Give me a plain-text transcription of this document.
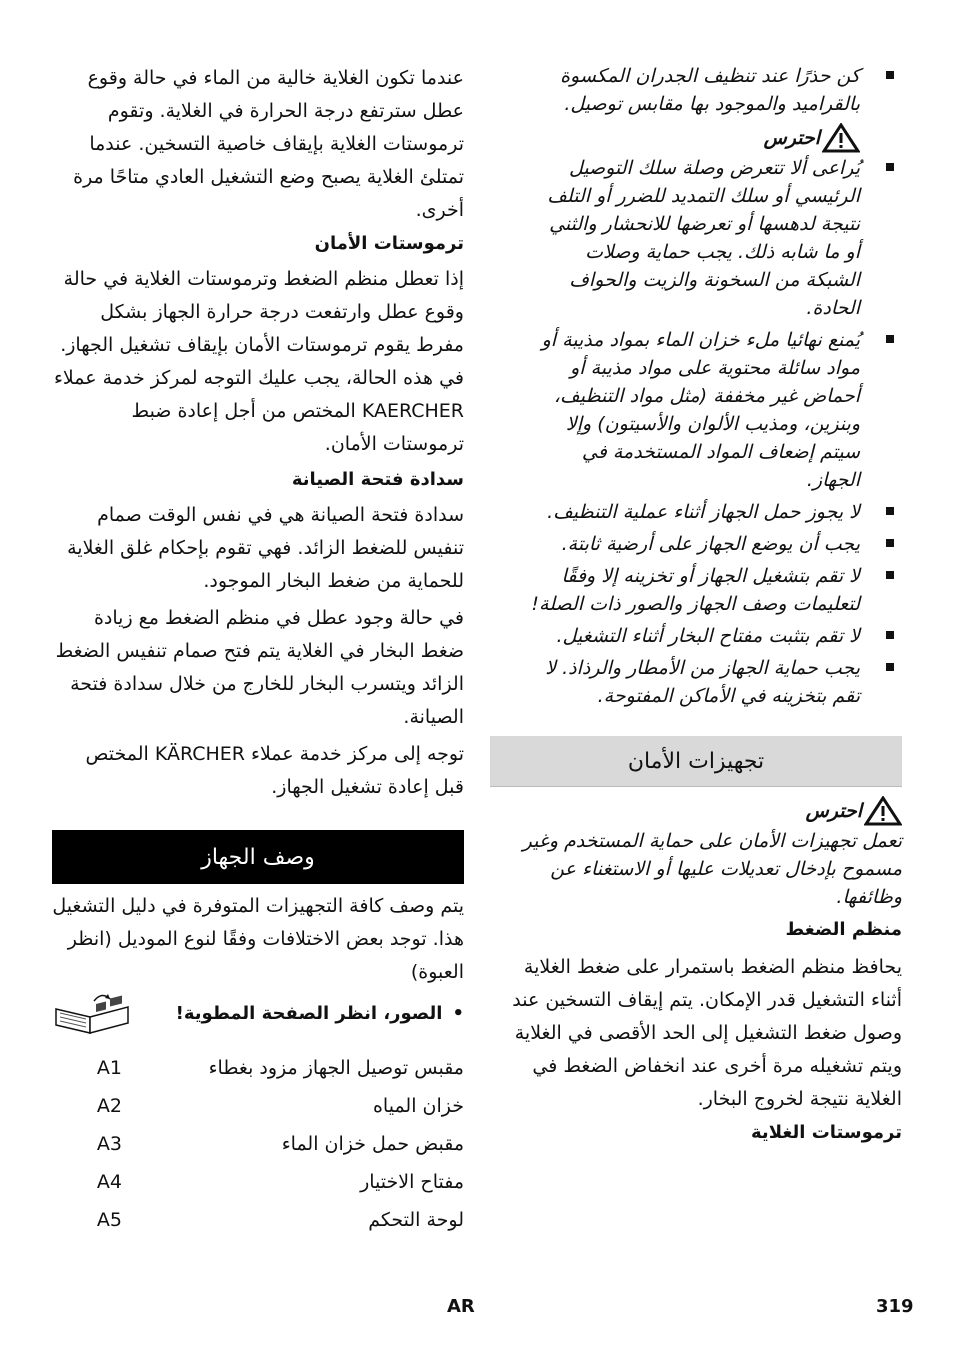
كن حذرًا عند تنظيف الجدران المكسوة بالقراميد والموجود بها مقابس توصيل.
احترس
يُراعى ألا تتعرض وصلة سلك التوصيل الرئيسي أو سلك التمديد للضرر أو التلف نتيجة لدهسها أو تعرضها للانحشار والثني أو ما شابه ذلك. يجب حماية وصلات الشبكة من السخونة والزيت والحواف الحادة.
يُمنع نهائيا ملء خزان الماء بمواد مذيبة أو مواد سائلة محتوية على مواد مذيبة أو أحماض غير مخففة (مثل مواد التنظيف، وبنزين، ومذيب الألوان والأسيتون) وإلا سيتم إضعاف المواد المستخدمة في الجهاز.
لا يجوز حمل الجهاز أثناء عملية التنظيف.
يجب أن يوضع الجهاز على أرضية ثابتة.
لا تقم بتشغيل الجهاز أو تخزينه إلا وفقًا لتعليمات وصف الجهاز والصور ذات الصلة!
لا تقم بتثبت مفتاح البخار أثناء التشغيل.
يجب حماية الجهاز من الأمطار والرذاذ. لا تقم بتخزينه في الأماكن المفتوحة.
تجهيزات الأمان
احترس

تعمل تجهيزات الأمان على حماية المستخدم وغير مسموح بإدخال تعديلات عليها أو الاستغناء عن وظائفها.

منظم الضغط

يحافظ منظم الضغط باستمرار على ضغط الغلاية أثناء التشغيل قدر الإمكان. يتم إيقاف التسخين عند وصول ضغط التشغيل إلى الحد الأقصى في الغلاية ويتم تشغيله مرة أخرى عند انخفاض الضغط في الغلاية نتيجة لخروج البخار.

ترموستات الغلاية

عندما تكون الغلاية خالية من الماء في حالة وقوع عطل سترتفع درجة الحرارة في الغلاية. وتقوم ترموستات الغلاية بإيقاف خاصية التسخين. عندما تمتلئ الغلاية يصبح وضع التشغيل العادي متاحًا مرة أخرى.

ترموستات الأمان

إذا تعطل منظم الضغط وترموستات الغلاية في حالة وقوع عطل وارتفعت درجة حرارة الجهاز بشكل مفرط يقوم ترموستات الأمان بإيقاف تشغيل الجهاز. في هذه الحالة، يجب عليك التوجه لمركز خدمة عملاء

KAERCHER المختص من أجل إعادة ضبط ترموستات الأمان.

سدادة فتحة الصيانة

سدادة فتحة الصيانة هي في نفس الوقت صمام تنفيس للضغط الزائد. فهي تقوم بإحكام غلق الغلاية للحماية من ضغط البخار الموجود.

في حالة وجود عطل في منظم الضغط مع زيادة ضغط البخار في الغلاية يتم فتح صمام تنفيس الضغط الزائد ويتسرب البخار للخارج من خلال سدادة فتحة الصيانة.

توجه إلى مركز خدمة عملاء KÄRCHER المختص قبل إعادة تشغيل الجهاز.

وصف الجهاز

يتم وصف كافة التجهيزات المتوفرة في دليل التشغيل هذا. توجد بعض الاختلافات وفقًا لنوع الموديل (انظر العبوة)

•
الصور، انظر الصفحة المطوية!
مقبس توصيل الجهاز مزود بغطاء
A1
خزان المياه
A2
مقبض حمل خزان الماء
A3
مفتاح الاختيار
A4
لوحة التحكم
A5
AR	319
